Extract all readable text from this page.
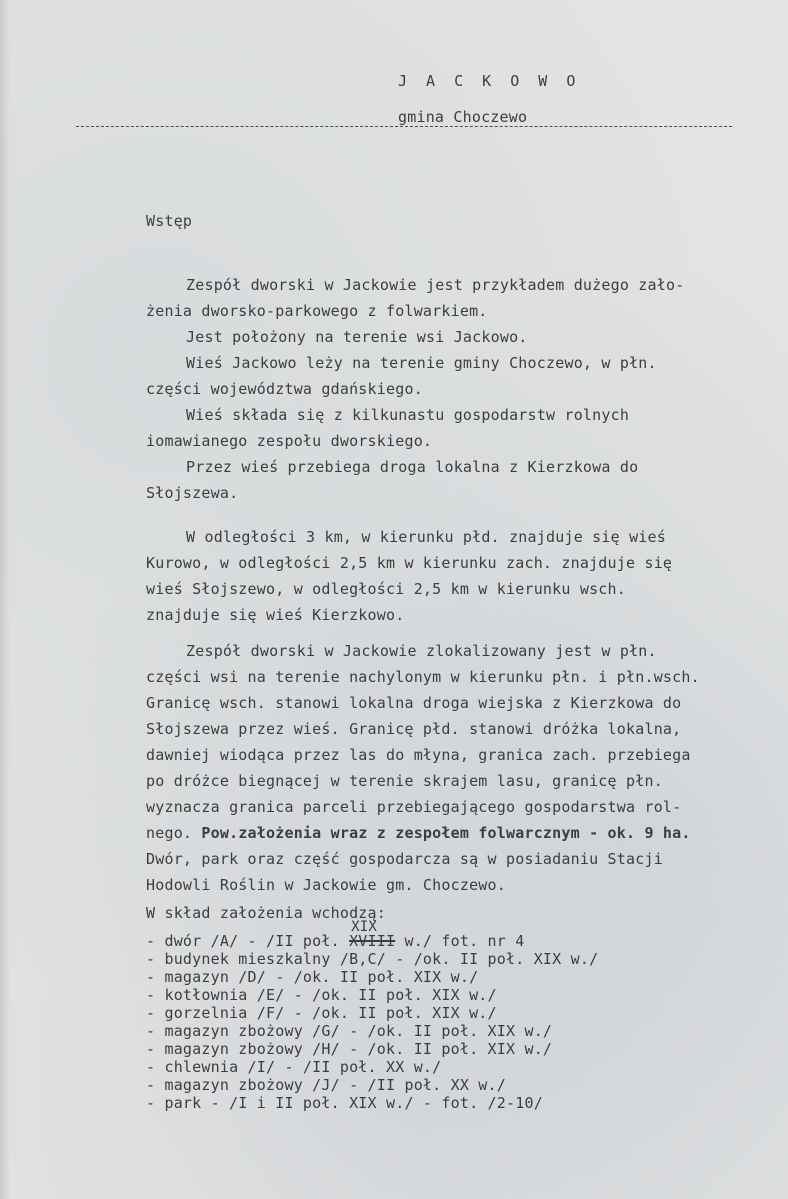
J A C K O W O
gmina Choczewo
Wstęp
Zespół dworski w Jackowie jest przykładem dużego zało-
żenia dworsko-parkowego z folwarkiem.
Jest położony na terenie wsi Jackowo.
Wieś Jackowo leży na terenie gminy Choczewo, w płn.
części województwa gdańskiego.
Wieś składa się z kilkunastu gospodarstw rolnych
iomawianego zespołu dworskiego.
Przez wieś przebiega droga lokalna z Kierzkowa do
Słojszewa.
W odległości 3 km, w kierunku płd. znajduje się wieś
Kurowo, w odległości 2,5 km w kierunku zach. znajduje się
wieś Słojszewo, w odległości 2,5 km w kierunku wsch.
znajduje się wieś Kierzkowo.
Zespół dworski w Jackowie zlokalizowany jest w płn.
części wsi na terenie nachylonym w kierunku płn. i płn.wsch.
Granicę wsch. stanowi lokalna droga wiejska z Kierzkowa do
Słojszewa przez wieś. Granicę płd. stanowi dróżka lokalna,
dawniej wiodąca przez las do młyna, granica zach. przebiega
po dróżce biegnącej w terenie skrajem lasu, granicę płn.
wyznacza granica parceli przebiegającego gospodarstwa rol-
nego. Pow.założenia wraz z zespołem folwarcznym - ok. 9 ha.
Dwór, park oraz część gospodarcza są w posiadaniu Stacji
Hodowli Roślin w Jackowie gm. Choczewo.
W skład założenia wchodzą:
- dwór /A/ - /II poł.
XIX
XVIII w./ fot. nr 4
- budynek mieszkalny /B,C/ - /ok. II poł. XIX w./
- magazyn /D/ - /ok. II poł. XIX w./
- kotłownia /E/ - /ok. II poł. XIX w./
- gorzelnia /F/ - /ok. II poł. XIX w./
- magazyn zbożowy /G/ - /ok. II poł. XIX w./
- magazyn zbożowy /H/ - /ok. II poł. XIX w./
- chlewnia /I/ - /II poł. XX w./
- magazyn zbożowy /J/ - /II poł. XX w./
- park - /I i II poł. XIX w./ - fot. /2-10/
